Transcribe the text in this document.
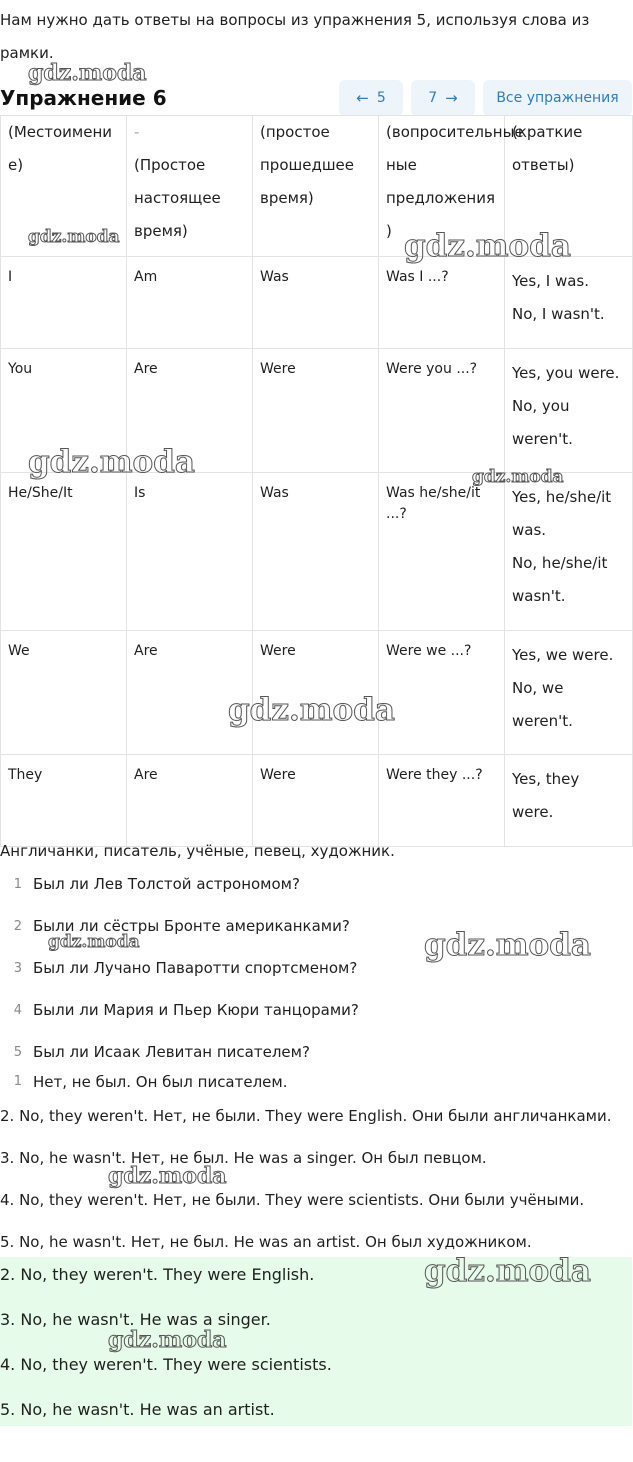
Нам нужно дать ответы на вопросы из упражнения 5, используя слова из рамки.
Упражнение 6	← 5	7 →	Все упражнения
(Местоимени
е)	-
(Простое
настоящее
время)	(простое
прошедшее
время)	(вопросительные
ные
предложения
)	(краткие
ответы)

I	Am	Was	Was I ...?	Yes, I was.
No, I wasn't.

You	Are	Were	Were you ...?	Yes, you were.
No, you
weren't.

He/She/It	Is	Was	Was he/she/it ...?	Yes, he/she/it
was.
No, he/she/it
wasn't.

We	Are	Were	Were we ...?	Yes, we were.
No, we
weren't.

They	Are	Were	Were they ...?	Yes, they
were.
Англичанки, писатель, учёные, певец, художник.
1 Был ли Лев Толстой астрономом?
2 Были ли сёстры Бронте американками?
3 Был ли Лучано Паваротти спортсменом?
4 Были ли Мария и Пьер Кюри танцорами?
5 Был ли Исаак Левитан писателем?
1 Нет, не был. Он был писателем.

2. No, they weren't. Нет, не были. They were English. Они были англичанками.

3. No, he wasn't. Нет, не был. He was a singer. Он был певцом.

4. No, they weren't. Нет, не были. They were scientists. Они были учёными.

5. No, he wasn't. Нет, не был. He was an artist. Он был художником.

2. No, they weren't. They were English.

3. No, he wasn't. He was a singer.

4. No, they weren't. They were scientists.

5. No, he wasn't. He was an artist.

gdz.moda
gdz.moda	gdz.moda
gdz.moda	gdz.moda
gdz.moda
gdz.moda	gdz.moda
gdz.moda
gdz.moda
gdz.moda
